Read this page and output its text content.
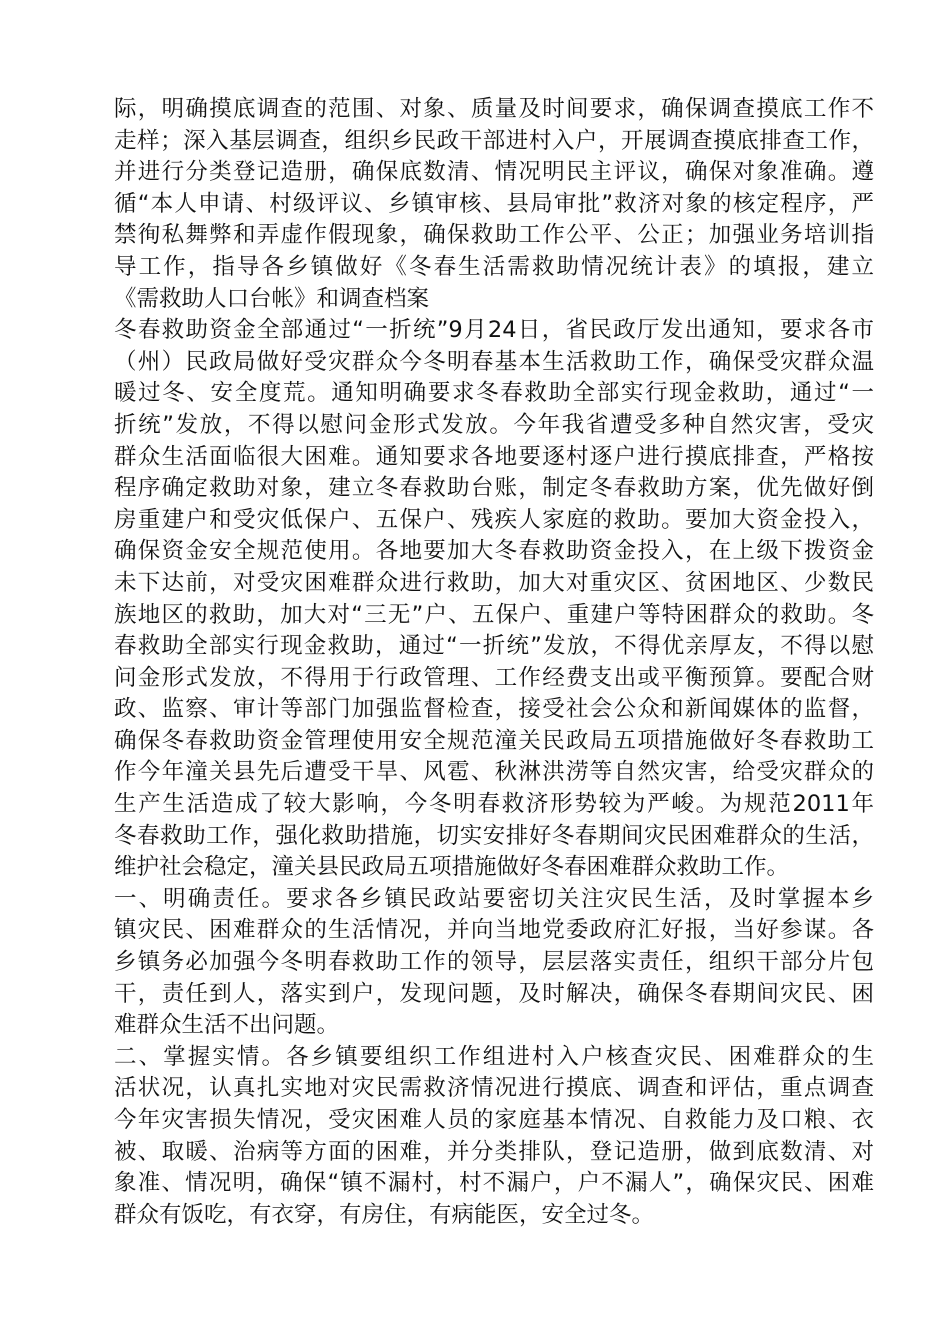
际，明确摸底调查的范围、对象、质量及时间要求，确保调查摸底工作不
走样；深入基层调查，组织乡民政干部进村入户，开展调查摸底排查工作，
并进行分类登记造册，确保底数清、情况明民主评议，确保对象准确。遵
循“本人申请、村级评议、乡镇审核、县局审批”救济对象的核定程序，严
禁徇私舞弊和弄虚作假现象，确保救助工作公平、公正；加强业务培训指
导工作，指导各乡镇做好《冬春生活需救助情况统计表》的填报，建立
《需救助人口台帐》和调查档案
冬春救助资金全部通过“一折统”9月24日，省民政厅发出通知，要求各市
（州）民政局做好受灾群众今冬明春基本生活救助工作，确保受灾群众温
暖过冬、安全度荒。通知明确要求冬春救助全部实行现金救助，通过“一
折统”发放，不得以慰问金形式发放。今年我省遭受多种自然灾害，受灾
群众生活面临很大困难。通知要求各地要逐村逐户进行摸底排查，严格按
程序确定救助对象，建立冬春救助台账，制定冬春救助方案，优先做好倒
房重建户和受灾低保户、五保户、残疾人家庭的救助。要加大资金投入，
确保资金安全规范使用。各地要加大冬春救助资金投入，在上级下拨资金
未下达前，对受灾困难群众进行救助，加大对重灾区、贫困地区、少数民
族地区的救助，加大对“三无”户、五保户、重建户等特困群众的救助。冬
春救助全部实行现金救助，通过“一折统”发放，不得优亲厚友，不得以慰
问金形式发放，不得用于行政管理、工作经费支出或平衡预算。要配合财
政、监察、审计等部门加强监督检查，接受社会公众和新闻媒体的监督，
确保冬春救助资金管理使用安全规范潼关民政局五项措施做好冬春救助工
作今年潼关县先后遭受干旱、风雹、秋淋洪涝等自然灾害，给受灾群众的
生产生活造成了较大影响，今冬明春救济形势较为严峻。为规范2011年
冬春救助工作，强化救助措施，切实安排好冬春期间灾民困难群众的生活，
维护社会稳定，潼关县民政局五项措施做好冬春困难群众救助工作。
一、明确责任。要求各乡镇民政站要密切关注灾民生活，及时掌握本乡
镇灾民、困难群众的生活情况，并向当地党委政府汇好报，当好参谋。各
乡镇务必加强今冬明春救助工作的领导，层层落实责任，组织干部分片包
干，责任到人，落实到户，发现问题，及时解决，确保冬春期间灾民、困
难群众生活不出问题。
二、掌握实情。各乡镇要组织工作组进村入户核查灾民、困难群众的生
活状况，认真扎实地对灾民需救济情况进行摸底、调查和评估，重点调查
今年灾害损失情况，受灾困难人员的家庭基本情况、自救能力及口粮、衣
被、取暖、治病等方面的困难，并分类排队，登记造册，做到底数清、对
象准、情况明，确保“镇不漏村，村不漏户，户不漏人”，确保灾民、困难
群众有饭吃，有衣穿，有房住，有病能医，安全过冬。
